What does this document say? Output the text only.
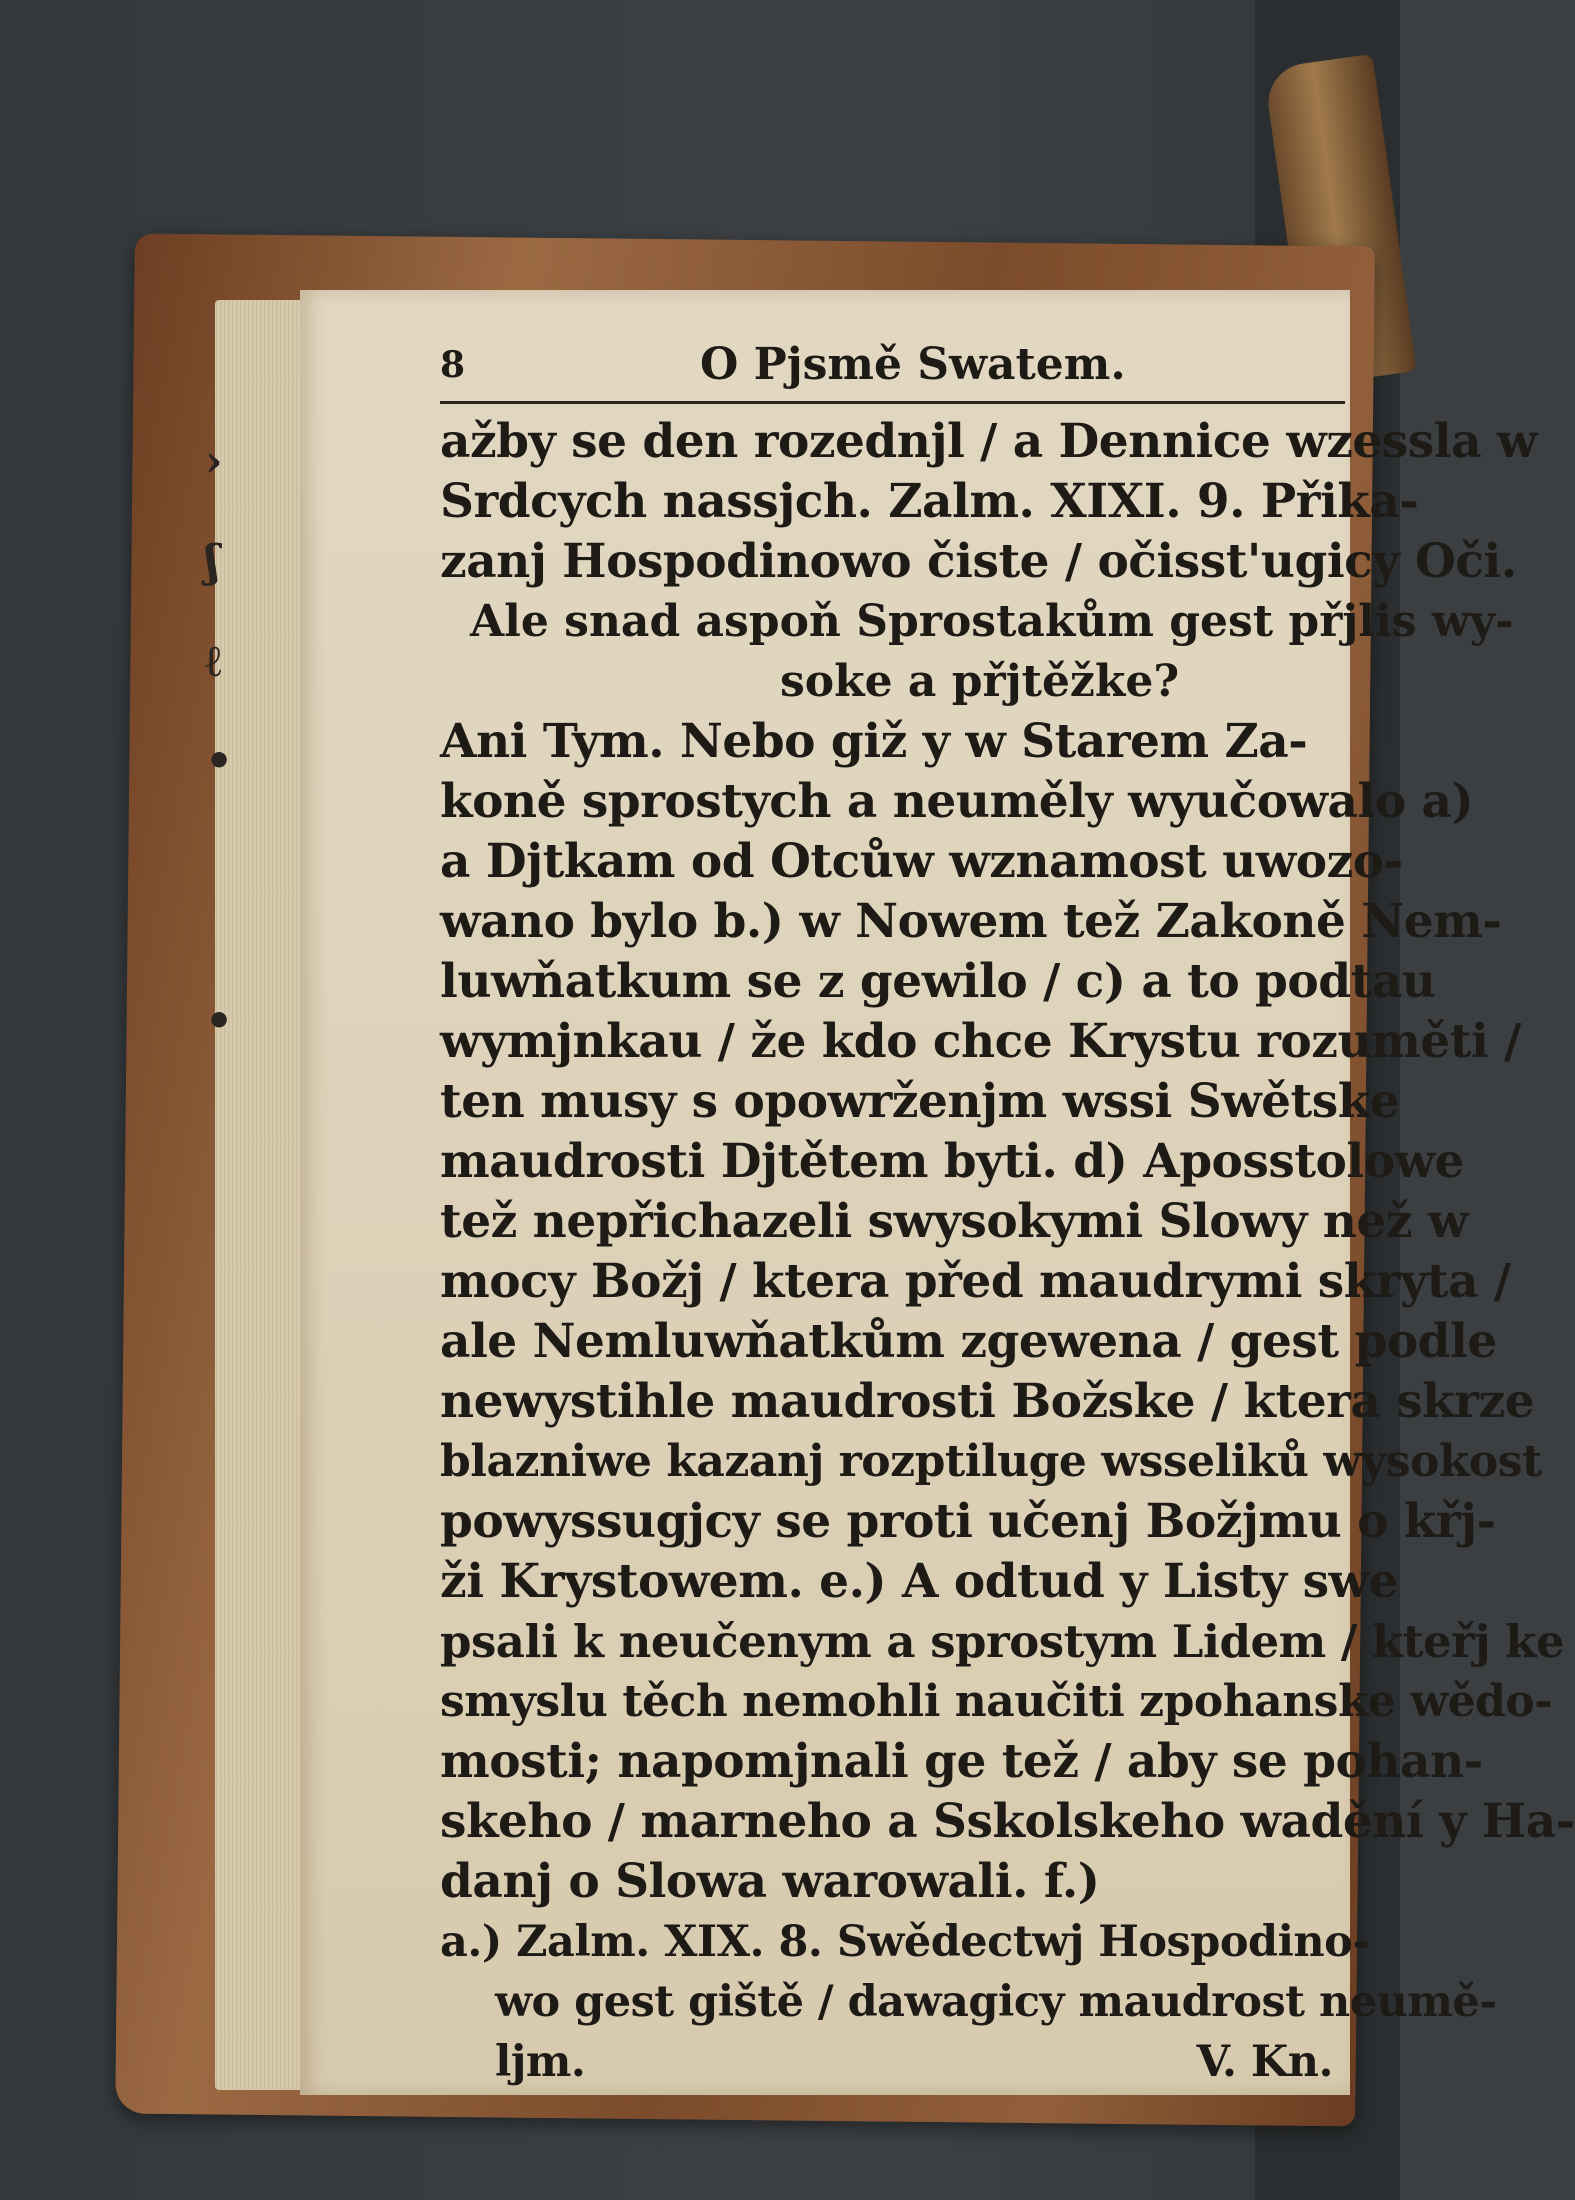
›
ʃ
ℓ
•
•
8	O Pjsmě Swatem.
ažby se den rozednjl / a Dennice wzessla w
Srdcych nassjch. Zalm. XIXI. 9. Přika-
zanj Hospodinowo čiste / očisst'ugicy Oči.
Ale snad aspoň Sprostakům gest přjlis wy-
soke a přjtěžke?
Ani Tym. Nebo giž y w Starem Za-
koně sprostych a neuměly wyučowalo a)
a Djtkam od Otcůw wznamost uwozo-
wano bylo b.) w Nowem tež Zakoně Nem-
luwňatkum se z gewilo / c) a to podtau
wymjnkau / že kdo chce Krystu rozuměti /
ten musy s opowrženjm wssi Swětske
maudrosti Djtětem byti. d) Aposstolowe
tež nepřichazeli swysokymi Slowy než w
mocy Božj / ktera před maudrymi skryta /
ale Nemluwňatkům zgewena / gest podle
newystihle maudrosti Božske / ktera skrze
blazniwe kazanj rozptiluge wsseliků wysokost
powyssugjcy se proti učenj Božjmu o křj-
ži Krystowem. e.) A odtud y Listy swe
psali k neučenym a sprostym Lidem / kteřj ke
smyslu těch nemohli naučiti zpohanske wědo-
mosti; napomjnali ge tež / aby se pohan-
skeho / marneho a Sskolskeho wadění y Ha-
danj o Slowa warowali. f.)
a.) Zalm. XIX. 8. Swědectwj Hospodino-
wo gest giště / dawagicy maudrost neumě-
ljm.	V. Kn.
